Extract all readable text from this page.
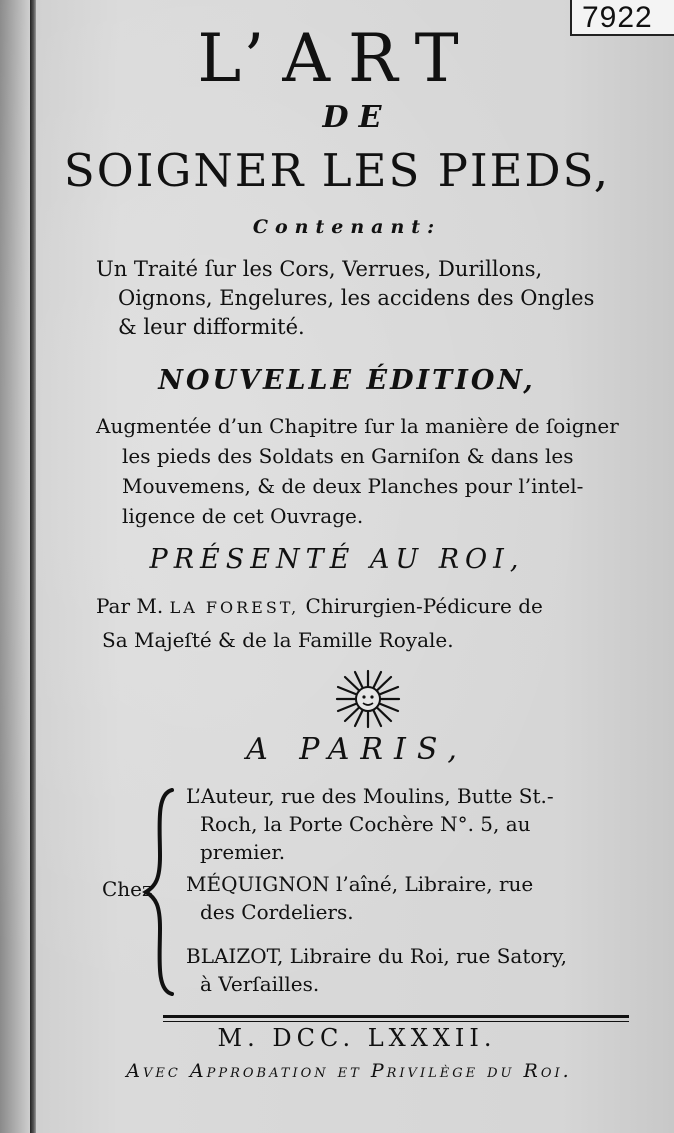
7922
L’ART
DE
SOIGNER LES PIEDS,
Contenant:
Un Traité ſur les Cors, Verrues, Durillons,
Oignons, Engelures, les accidens des Ongles
& leur difformité.
NOUVELLE ÉDITION,
Augmentée d’un Chapitre ſur la manière de ſoigner
les pieds des Soldats en Garniſon & dans les
Mouvemens, & de deux Planches pour l’intel-
ligence de cet Ouvrage.
PRÉSENTÉ AU ROI,
Par M. LA FOREST, Chirurgien-Pédicure de
Sa Majeſté & de la Famille Royale.
A PARIS,
Chez
L’Auteur, rue des Moulins, Butte St.-
Roch, la Porte Cochère N°. 5, au
premier.
MÉQUIGNON l’aîné, Libraire, rue
des Cordeliers.
BLAIZOT, Libraire du Roi, rue Satory,
à Verſailles.
M. DCC. LXXXII.
Avec Approbation et Privilège du Roi.
